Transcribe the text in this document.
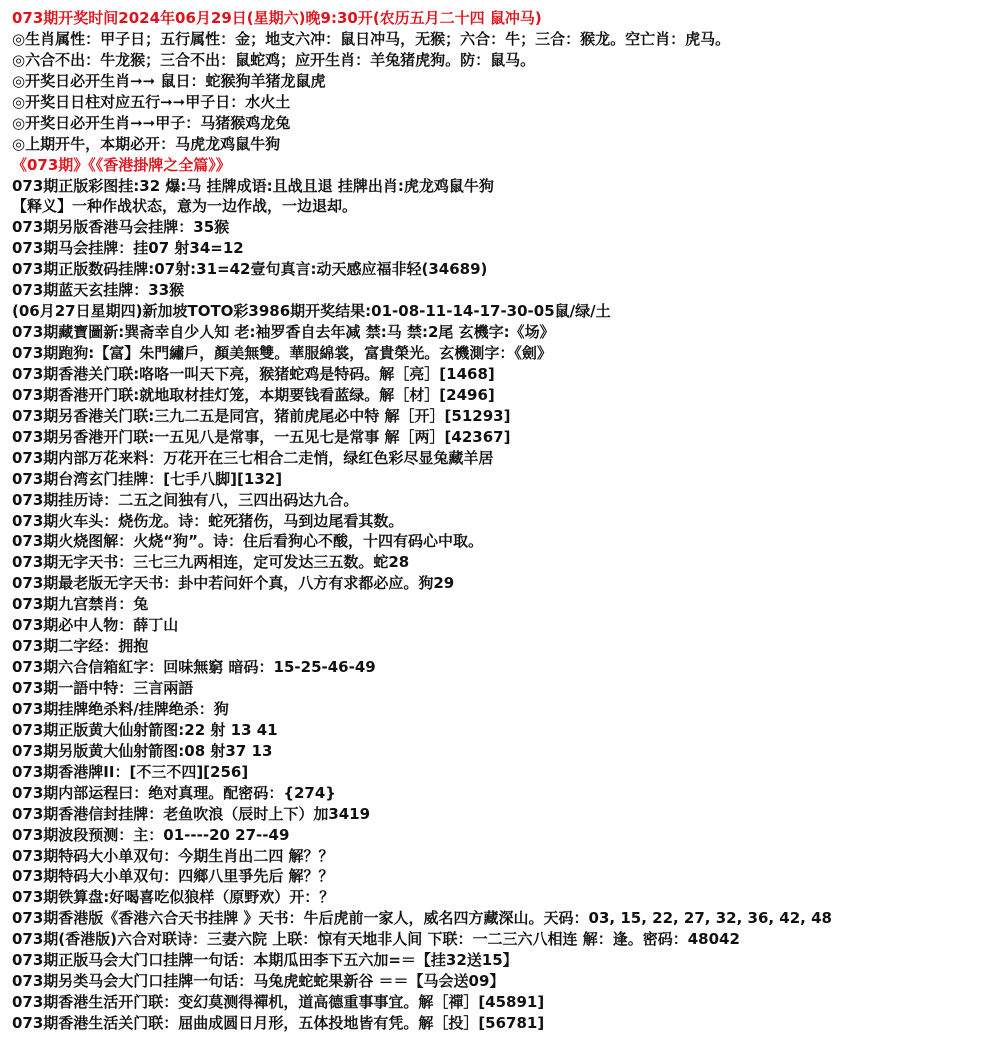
073期开奖时间2024年06月29日(星期六)晚9:30开(农历五月二十四 鼠冲马)
◎生肖属性：甲子日；五行属性：金；地支六冲：鼠日冲马，无猴；六合：牛；三合：猴龙。空亡肖：虎马。
◎六合不出：牛龙猴；三合不出：鼠蛇鸡；应开生肖：羊兔猪虎狗。防：鼠马。
◎开奖日必开生肖➞➞ 鼠日：蛇猴狗羊猪龙鼠虎
◎开奖日日柱对应五行➞➞甲子日：水火土
◎开奖日必开生肖➞➞甲子：马猪猴鸡龙兔
◎上期开牛，本期必开：马虎龙鸡鼠牛狗
《073期》《《香港掛牌之全篇》》
073期正版彩图挂:32 爆:马 挂牌成语:且战且退 挂牌出肖:虎龙鸡鼠牛狗
【释义】一种作战状态，意为一边作战，一边退却。
073期另版香港马会挂牌：35猴
073期马会挂牌：挂07 射34=12
073期正版数码挂牌:07射:31=42壹句真言:动天感应福非轻(34689)
073期蓝天玄挂牌：33猴
(06月27日星期四)新加坡TOTO彩3986期开奖结果:01-08-11-14-17-30-05鼠/绿/土
073期藏寶圖新:巽斋幸自少人知 老:袖罗香自去年减 禁:马 禁:2尾 玄機字:《场》
073期跑狗:【富】朱門繡戶，顏美無雙。華服綿裳，富貴榮光。玄機測字：《劍》
073期香港关门联:咯咯一叫天下亮，猴猪蛇鸡是特码。解［亮］[1468]
073期香港开门联:就地取材挂灯笼，本期要钱看蓝绿。解［材］[2496]
073期另香港关门联:三九二五是同宫，猪前虎尾必中特 解［开］[51293]
073期另香港开门联:一五见八是常事，一五见七是常事 解［两］[42367]
073期内部万花来料：万花开在三七相合二走悄，绿红色彩尽显兔藏羊居
073期台湾玄门挂牌：[七手八脚][132]
073期挂历诗：二五之间独有八，三四出码达九合。
073期火车头：烧伤龙。诗：蛇死猪伤，马到边尾看其数。
073期火烧图解：火烧“狗”。诗：住后看狗心不酸，十四有码心中取。
073期无字天书：三七三九两相连，定可发达三五数。蛇28
073期最老版无字天书：卦中若问奸个真，八方有求都必应。狗29
073期九宫禁肖：兔
073期必中人物：薛丁山
073期二字经：拥抱
073期六合信箱紅字：回味無窮 暗码：15-25-46-49
073期一語中特：三言兩語
073期挂牌绝杀料/挂牌绝杀：狗
073期正版黄大仙射箭图:22 射 13 41
073期另版黄大仙射箭图:08 射37 13
073期香港牌II：[不三不四][256]
073期内部运程曰：绝对真理。配密码：{274}
073期香港信封挂牌：老鱼吹浪（辰时上下）加3419
073期波段预测：主：01----20 27--49
073期特码大小单双句：今期生肖出二四 解？？
073期特码大小单双句：四鄉八里爭先后 解？？
073期铁算盘:好喝喜吃似狼样（原野欢）开：？
073期香港版《香港六合天书挂牌 》天书：牛后虎前一家人，威名四方藏深山。天码：03, 15, 22, 27, 32, 36, 42, 48
073期(香港版)六合对联诗：三妻六院 上联：惊有天地非人间 下联：一二三六八相连 解：逢。密码：48042
073期正版马会大门口挂牌一句话：本期瓜田李下五六加=＝【挂32送15】
073期另类马会大门口挂牌一句话：马兔虎蛇蛇果新谷 ＝＝【马会送09】
073期香港生活开门联：变幻莫测得禪机，道高德重事事宜。解［禪］[45891]
073期香港生活关门联：屈曲成圆日月形，五体投地皆有凭。解［投］[56781]
